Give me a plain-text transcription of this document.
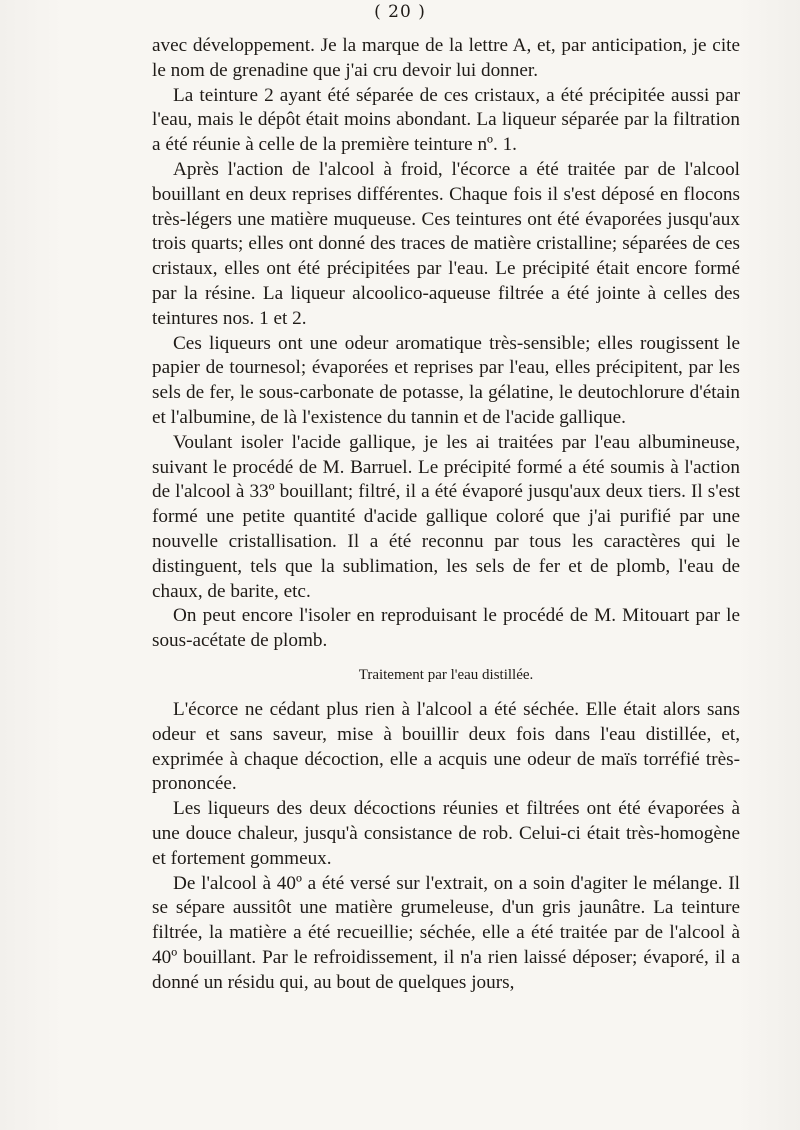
( 20 )

avec développement. Je la marque de la lettre A, et, par anticipation, je cite le nom de grenadine que j'ai cru devoir lui donner.

La teinture 2 ayant été séparée de ces cristaux, a été précipitée aussi par l'eau, mais le dépôt était moins abondant. La liqueur séparée par la filtration a été réunie à celle de la première teinture nº. 1.

Après l'action de l'alcool à froid, l'écorce a été traitée par de l'alcool bouillant en deux reprises différentes. Chaque fois il s'est déposé en flocons très-légers une matière muqueuse. Ces teintures ont été évaporées jusqu'aux trois quarts; elles ont donné des traces de matière cristalline; séparées de ces cristaux, elles ont été précipitées par l'eau. Le précipité était encore formé par la résine. La liqueur alcoolico-aqueuse filtrée a été jointe à celles des teintures nos. 1 et 2.

Ces liqueurs ont une odeur aromatique très-sensible; elles rougissent le papier de tournesol; évaporées et reprises par l'eau, elles précipitent, par les sels de fer, le sous-carbonate de potasse, la gélatine, le deutochlorure d'étain et l'albumine, de là l'existence du tannin et de l'acide gallique.

Voulant isoler l'acide gallique, je les ai traitées par l'eau albumineuse, suivant le procédé de M. Barruel. Le précipité formé a été soumis à l'action de l'alcool à 33º bouillant; filtré, il a été évaporé jusqu'aux deux tiers. Il s'est formé une petite quantité d'acide gallique coloré que j'ai purifié par une nouvelle cristallisation. Il a été reconnu par tous les caractères qui le distinguent, tels que la sublimation, les sels de fer et de plomb, l'eau de chaux, de barite, etc.

On peut encore l'isoler en reproduisant le procédé de M. Mitouart par le sous-acétate de plomb.

Traitement par l'eau distillée.

L'écorce ne cédant plus rien à l'alcool a été séchée. Elle était alors sans odeur et sans saveur, mise à bouillir deux fois dans l'eau distillée, et, exprimée à chaque décoction, elle a acquis une odeur de maïs torréfié très-prononcée.

Les liqueurs des deux décoctions réunies et filtrées ont été évaporées à une douce chaleur, jusqu'à consistance de rob. Celui-ci était très-homogène et fortement gommeux.

De l'alcool à 40º a été versé sur l'extrait, on a soin d'agiter le mélange. Il se sépare aussitôt une matière grumeleuse, d'un gris jaunâtre. La teinture filtrée, la matière a été recueillie; séchée, elle a été traitée par de l'alcool à 40º bouillant. Par le refroidissement, il n'a rien laissé déposer; évaporé, il a donné un résidu qui, au bout de quelques jours,
